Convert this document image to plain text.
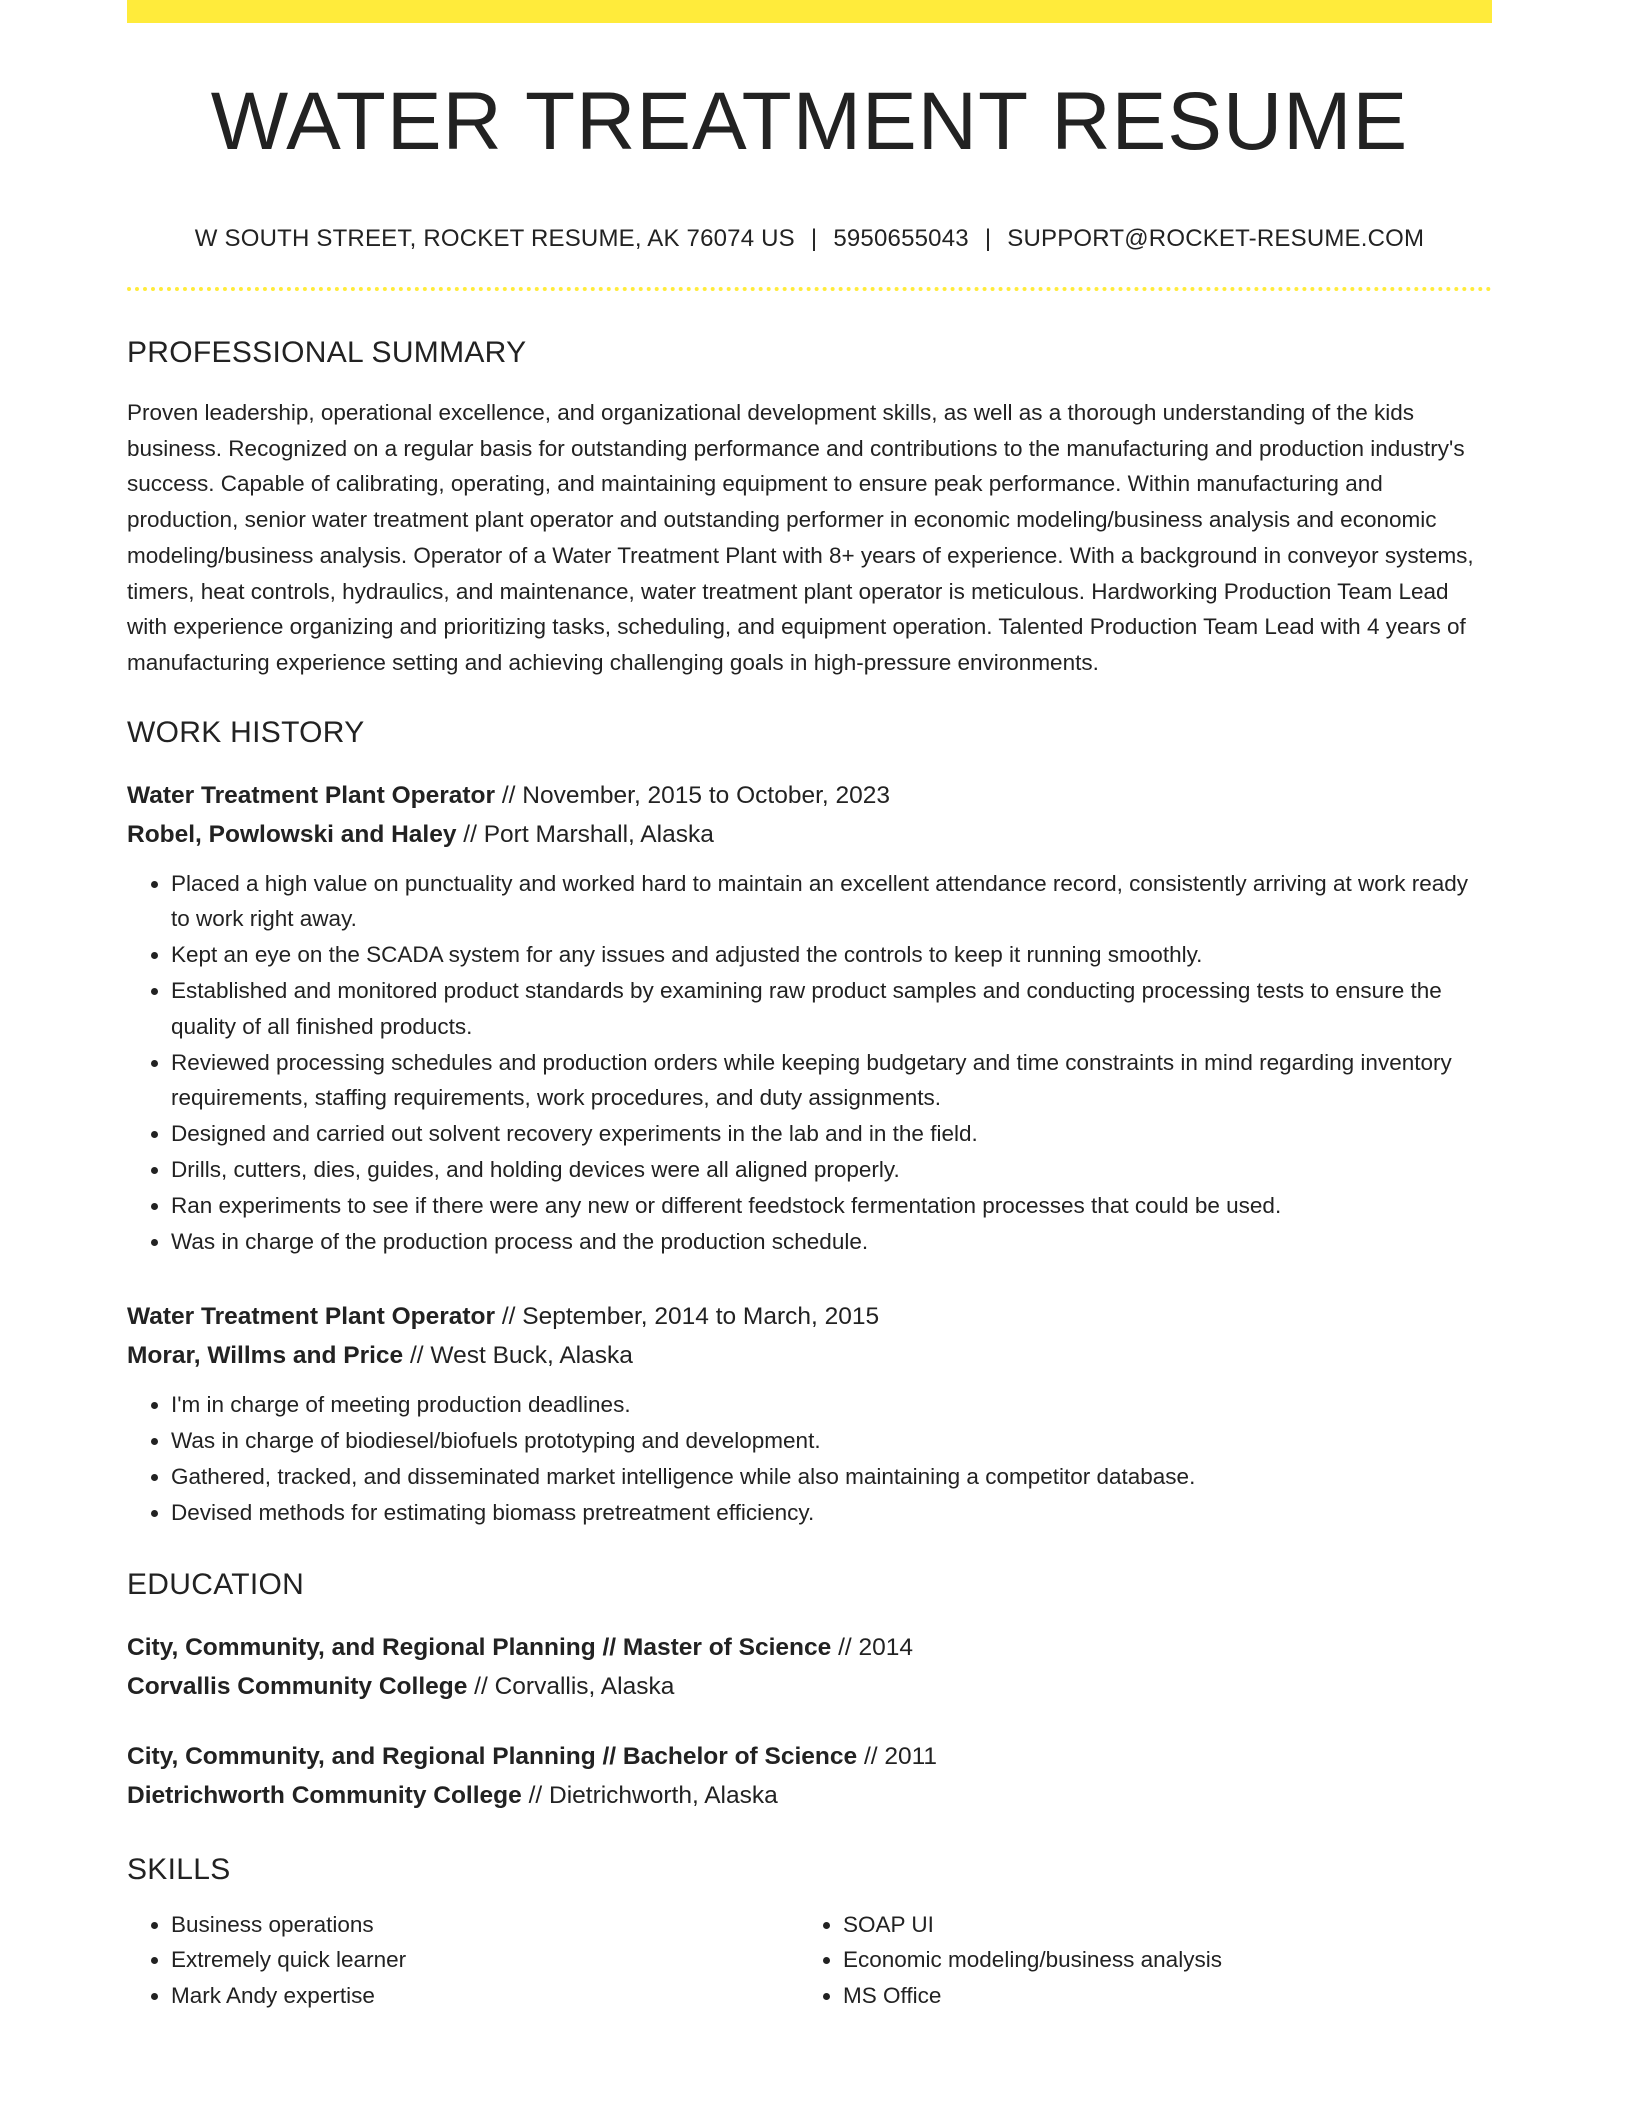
WATER TREATMENT RESUME
W SOUTH STREET, ROCKET RESUME, AK 76074 US | 5950655043 | SUPPORT@ROCKET-RESUME.COM
PROFESSIONAL SUMMARY
Proven leadership, operational excellence, and organizational development skills, as well as a thorough understanding of the kids business. Recognized on a regular basis for outstanding performance and contributions to the manufacturing and production industry's success. Capable of calibrating, operating, and maintaining equipment to ensure peak performance. Within manufacturing and production, senior water treatment plant operator and outstanding performer in economic modeling/business analysis and economic modeling/business analysis. Operator of a Water Treatment Plant with 8+ years of experience. With a background in conveyor systems, timers, heat controls, hydraulics, and maintenance, water treatment plant operator is meticulous. Hardworking Production Team Lead with experience organizing and prioritizing tasks, scheduling, and equipment operation. Talented Production Team Lead with 4 years of manufacturing experience setting and achieving challenging goals in high-pressure environments.
WORK HISTORY
Water Treatment Plant Operator // November, 2015 to October, 2023
Robel, Powlowski and Haley // Port Marshall, Alaska
• Placed a high value on punctuality and worked hard to maintain an excellent attendance record, consistently arriving at work ready to work right away.
• Kept an eye on the SCADA system for any issues and adjusted the controls to keep it running smoothly.
• Established and monitored product standards by examining raw product samples and conducting processing tests to ensure the quality of all finished products.
• Reviewed processing schedules and production orders while keeping budgetary and time constraints in mind regarding inventory requirements, staffing requirements, work procedures, and duty assignments.
• Designed and carried out solvent recovery experiments in the lab and in the field.
• Drills, cutters, dies, guides, and holding devices were all aligned properly.
• Ran experiments to see if there were any new or different feedstock fermentation processes that could be used.
• Was in charge of the production process and the production schedule.
Water Treatment Plant Operator // September, 2014 to March, 2015
Morar, Willms and Price // West Buck, Alaska
• I'm in charge of meeting production deadlines.
• Was in charge of biodiesel/biofuels prototyping and development.
• Gathered, tracked, and disseminated market intelligence while also maintaining a competitor database.
• Devised methods for estimating biomass pretreatment efficiency.
EDUCATION
City, Community, and Regional Planning // Master of Science // 2014
Corvallis Community College // Corvallis, Alaska
City, Community, and Regional Planning // Bachelor of Science // 2011
Dietrichworth Community College // Dietrichworth, Alaska
SKILLS
• Business operations
• Extremely quick learner
• Mark Andy expertise
• SOAP UI
• Economic modeling/business analysis
• MS Office
